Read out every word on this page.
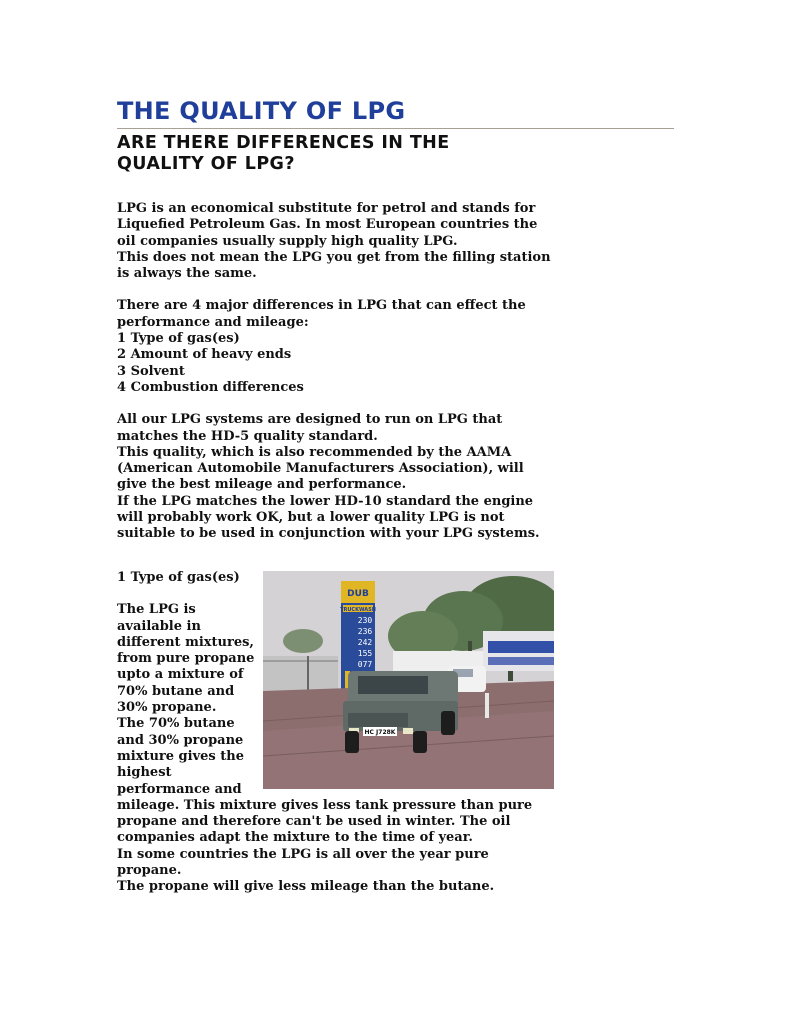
THE QUALITY OF LPG
ARE THERE DIFFERENCES IN THE
QUALITY OF LPG?

LPG is an economical substitute for petrol and stands for
Liquefied Petroleum Gas. In most European countries the
oil companies usually supply high quality LPG.
This does not mean the LPG you get from the filling station
is always the same.

There are 4 major differences in LPG that can effect the
performance and mileage:
1 Type of gas(es)
2 Amount of heavy ends
3 Solvent
4 Combustion differences

All our LPG systems are designed to run on LPG that
matches the HD-5 quality standard.
This quality, which is also recommended by the AAMA
(American Automobile Manufacturers Association), will
give the best mileage and performance.
If the LPG matches the lower HD-10 standard the engine
will probably work OK, but a lower quality LPG is not
suitable to be used in conjunction with your LPG systems.

1 Type of gas(es)
The LPG is
available in
different mixtures,
from pure propane
upto a mixture of
70% butane and
30% propane.
The 70% butane
and 30% propane
mixture gives the
highest
performance and
mileage. This mixture gives less tank pressure than pure
propane and therefore can't be used in winter. The oil
companies adapt the mixture to the time of year.
In some countries the LPG is all over the year pure
propane.
The propane will give less mileage than the butane.
DUB
TRUCKWASH
230
236
242
155
077
HC J728K
